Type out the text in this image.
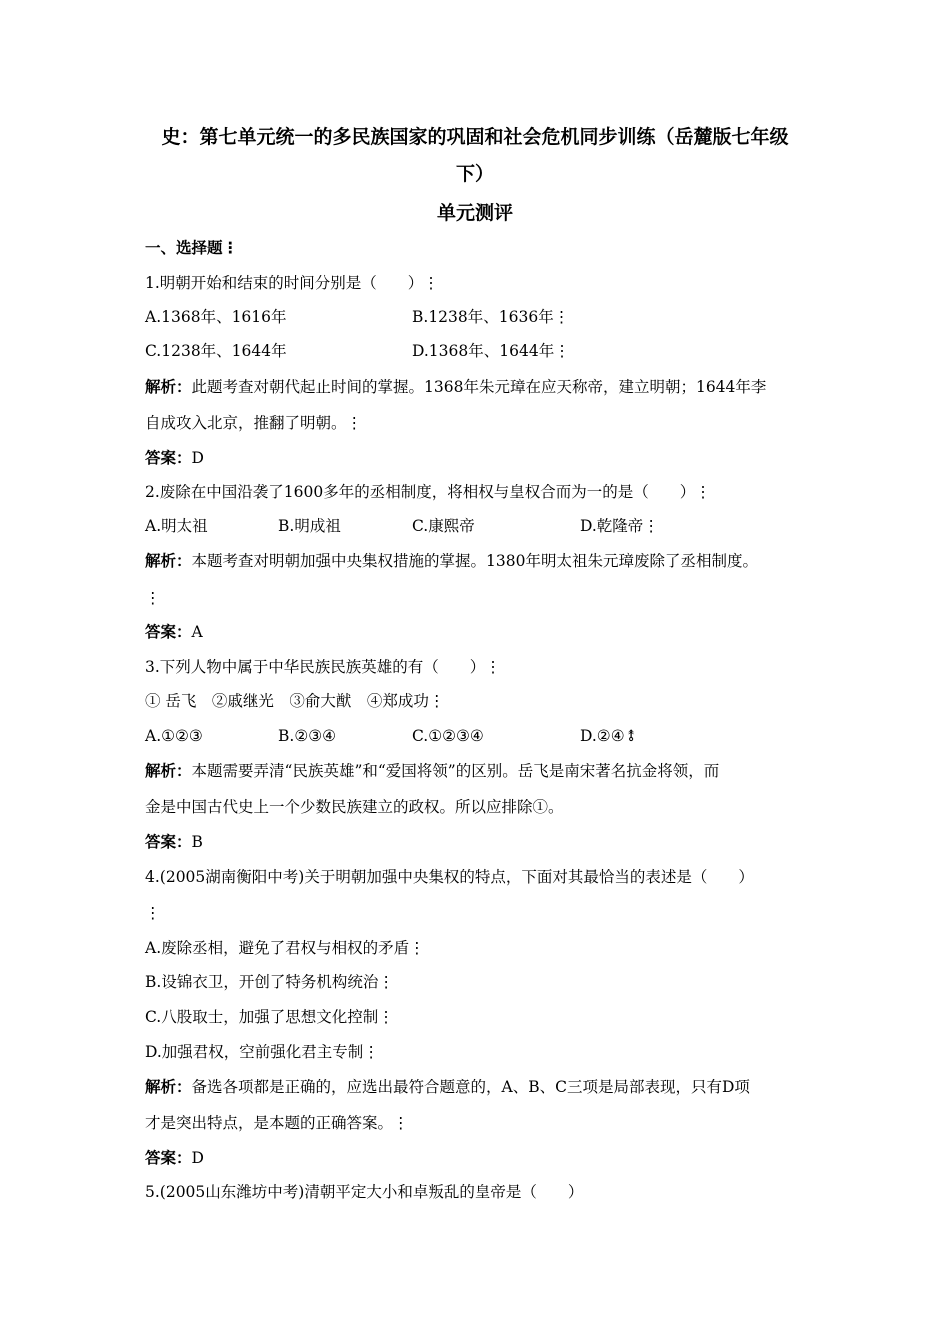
史：第七单元统一的多民族国家的巩固和社会危机同步训练（岳麓版七年级
下）
单元测评
一、选择题⋮
1.明朝开始和结束的时间分别是（　　）⋮
A.1368年、1616年	B.1238年、1636年⋮
C.1238年、1644年	D.1368年、1644年⋮
解析：此题考查对朝代起止时间的掌握。1368年朱元璋在应天称帝，建立明朝；1644年李
自成攻入北京，推翻了明朝。⋮
答案：D
2.废除在中国沿袭了1600多年的丞相制度，将相权与皇权合而为一的是（　　）⋮
A.明太祖	B.明成祖	C.康熙帝	D.乾隆帝⋮
解析：本题考查对明朝加强中央集权措施的掌握。1380年明太祖朱元璋废除了丞相制度。
⋮
答案：A
3.下列人物中属于中华民族民族英雄的有（　　）⋮
① 岳飞　②戚继光　③俞大猷　④郑成功⋮
A.①②③	B.②③④	C.①②③④	D.②④⥉
解析：本题需要弄清“民族英雄”和“爱国将领”的区别。岳飞是南宋著名抗金将领，而
金是中国古代史上一个少数民族建立的政权。所以应排除①。
答案：B
4.(2005湖南衡阳中考)关于明朝加强中央集权的特点，下面对其最恰当的表述是（　　）
⋮
A.废除丞相，避免了君权与相权的矛盾⋮
B.设锦衣卫，开创了特务机构统治⋮
C.八股取士，加强了思想文化控制⋮
D.加强君权，空前强化君主专制⋮
解析：备选各项都是正确的，应选出最符合题意的，A、B、C三项是局部表现，只有D项
才是突出特点，是本题的正确答案。⋮
答案：D
5.(2005山东潍坊中考)清朝平定大小和卓叛乱的皇帝是（　　）
